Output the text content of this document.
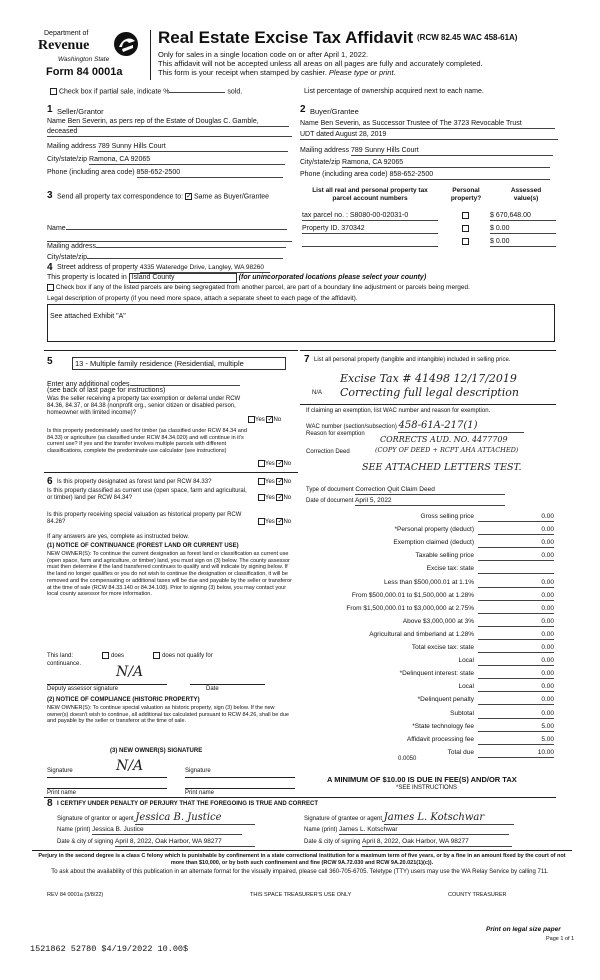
Department of
Revenue
Washington State
Form 84 0001a
Real Estate Excise Tax Affidavit (RCW 82.45 WAC 458-61A)
Only for sales in a single location code on or after April 1, 2022.
This affidavit will not be accepted unless all areas on all pages are fully and accurately completed.
This form is your receipt when stamped by cashier. Please type or print.
Check box if partial sale, indicate %	sold.	List percentage of ownership acquired next to each name.
1 Seller/Grantor
Name Ben Severin, as pers rep of the Estate of Douglas C. Gamble,
deceased
Mailing address 789 Sunny Hills Court
City/state/zip Ramona, CA 92065
Phone (including area code) 858-652-2500
2 Buyer/Grantee
Name Ben Severin, as Successor Trustee of The 3723 Revocable Trust
UDT dated August 28, 2019
Mailing address 789 Sunny Hills Court
City/state/zip Ramona, CA 92065
Phone (including area code) 858-652-2500
3 Send all property tax correspondence to: ✓ Same as Buyer/Grantee
Name
Mailing address
City/state/zip
List all real and personal property tax parcel account numbers
Personal property?
Assessed value(s)
tax parcel no. : S8080-00-02031-0	$ 670,648.00
Property ID. 370342	$ 0.00
$ 0.00
4 Street address of property 4335 Wateredge Drive, Langley, WA 98260
This property is located in Island County	(for unincorporated locations please select your county)
Check box if any of the listed parcels are being segregated from another parcel, are part of a boundary line adjustment or parcels being merged.
Legal description of property (if you need more space, attach a separate sheet to each page of the affidavit).
See attached Exhibit "A"
5	13 - Multiple family residence (Residential, multiple
Enter any additional codes
(see back of last page for instructions)
Was the seller receiving a property tax exemption or deferral under RCW 84.36, 84.37, or 84.38 (nonprofit org., senior citizen or disabled person, homeowner with limited income)?
Yes ✓ No
Is this property predominately used for timber (as classified under RCW 84.34 and 84.33) or agriculture (as classified under RCW 84.34.020) and will continue in it's current use? If yes and the transfer involves multiple parcels with different classifications, complete the predominate use calculator (see instructions)
Yes ✓ No
6 Is this property designated as forest land per RCW 84.33?	Yes ✓ No
Is this property classified as current use (open space, farm and agricultural, or timber) land per RCW 84.34?	Yes ✓ No
Is this property receiving special valuation as historical property per RCW 84.26?	Yes ✓ No
If any answers are yes, complete as instructed below.
(1) NOTICE OF CONTINUANCE (FOREST LAND OR CURRENT USE)
NEW OWNER(S): To continue the current designation as forest land or classification as current use (open space, farm and agriculture, or timber) land, you must sign on (3) below. The county assessor must then determine if the land transferred continues to qualify and will indicate by signing below. If the land no longer qualifies or you do not wish to continue the designation or classification, it will be removed and the compensating or additional taxes will be due and payable by the seller or transferor at the time of sale (RCW 84.33.140 or 84.34.108). Prior to signing (3) below, you may contact your local county assessor for more information.
This land:	does	does not qualify for
continuance. N/A
Deputy assessor signature	Date
(2) NOTICE OF COMPLIANCE (HISTORIC PROPERTY)
NEW OWNER(S): To continue special valuation as historic property, sign (3) below. If the new owner(s) doesn't wish to continue, all additional tax calculated pursuant to RCW 84.26, shall be due and payable by the seller or transferor at the time of sale.
(3) NEW OWNER(S) SIGNATURE
N/A
Signature	Signature
Print name	Print name
7 List all personal property (tangible and intangible) included in selling price.
Excise Tax # 41498 12/17/2019
N/A Correcting full legal description
If claiming an exemption, list WAC number and reason for exemption.
WAC number (section/subsection) 458-61A-217(1)
Reason for exemption
CORRECTS AUD. NO. 4477709
Correction Deed	(COPY OF DEED + RCPT AHA ATTACHED)
SEE ATTACHED LETTERS TEST.
Type of document Correction Quit Claim Deed
Date of document April 5, 2022
Gross selling price	0.00
*Personal property (deduct)	0.00
Exemption claimed (deduct)	0.00
Taxable selling price	0.00
Excise tax: state
Less than $500,000.01 at 1.1%	0.00
From $500,000.01 to $1,500,000 at 1.28%	0.00
From $1,500,000.01 to $3,000,000 at 2.75%	0.00
Above $3,000,000 at 3%	0.00
Agricultural and timberland at 1.28%	0.00
Total excise tax: state	0.00
Local	0.00
*Delinquent interest: state	0.00
Local	0.00
*Delinquent penalty	0.00
Subtotal	0.00
*State technology fee	5.00
Affidavit processing fee	5.00
Total due	10.00
0.0050
A MINIMUM OF $10.00 IS DUE IN FEE(S) AND/OR TAX
*SEE INSTRUCTIONS
8 I CERTIFY UNDER PENALTY OF PERJURY THAT THE FOREGOING IS TRUE AND CORRECT
Signature of grantor or agent Jessica B. Justice
Name (print) Jessica B. Justice
Date & city of signing April 8, 2022, Oak Harbor, WA 98277
Signature of grantee or agent James L. Kotschwar
Name (print) James L. Kotschwar
Date & city of signing April 8, 2022, Oak Harbor, WA 98277
Perjury in the second degree is a class C felony which is punishable by confinement in a state correctional institution for a maximum term of five years, or by a fine in an amount fixed by the court of not more than $10,000, or by both such confinement and fine (RCW 9A.72.030 and RCW 9A.20.021(1)(c)).
To ask about the availability of this publication in an alternate format for the visually impaired, please call 360-705-6705. Teletype (TTY) users may use the WA Relay Service by calling 711.
REV 84 0001a (3/8/22)	THIS SPACE TREASURER'S USE ONLY	COUNTY TREASURER
Print on legal size paper
Page 1 of 1
1521862 52780 $4/19/2022 10.00$
